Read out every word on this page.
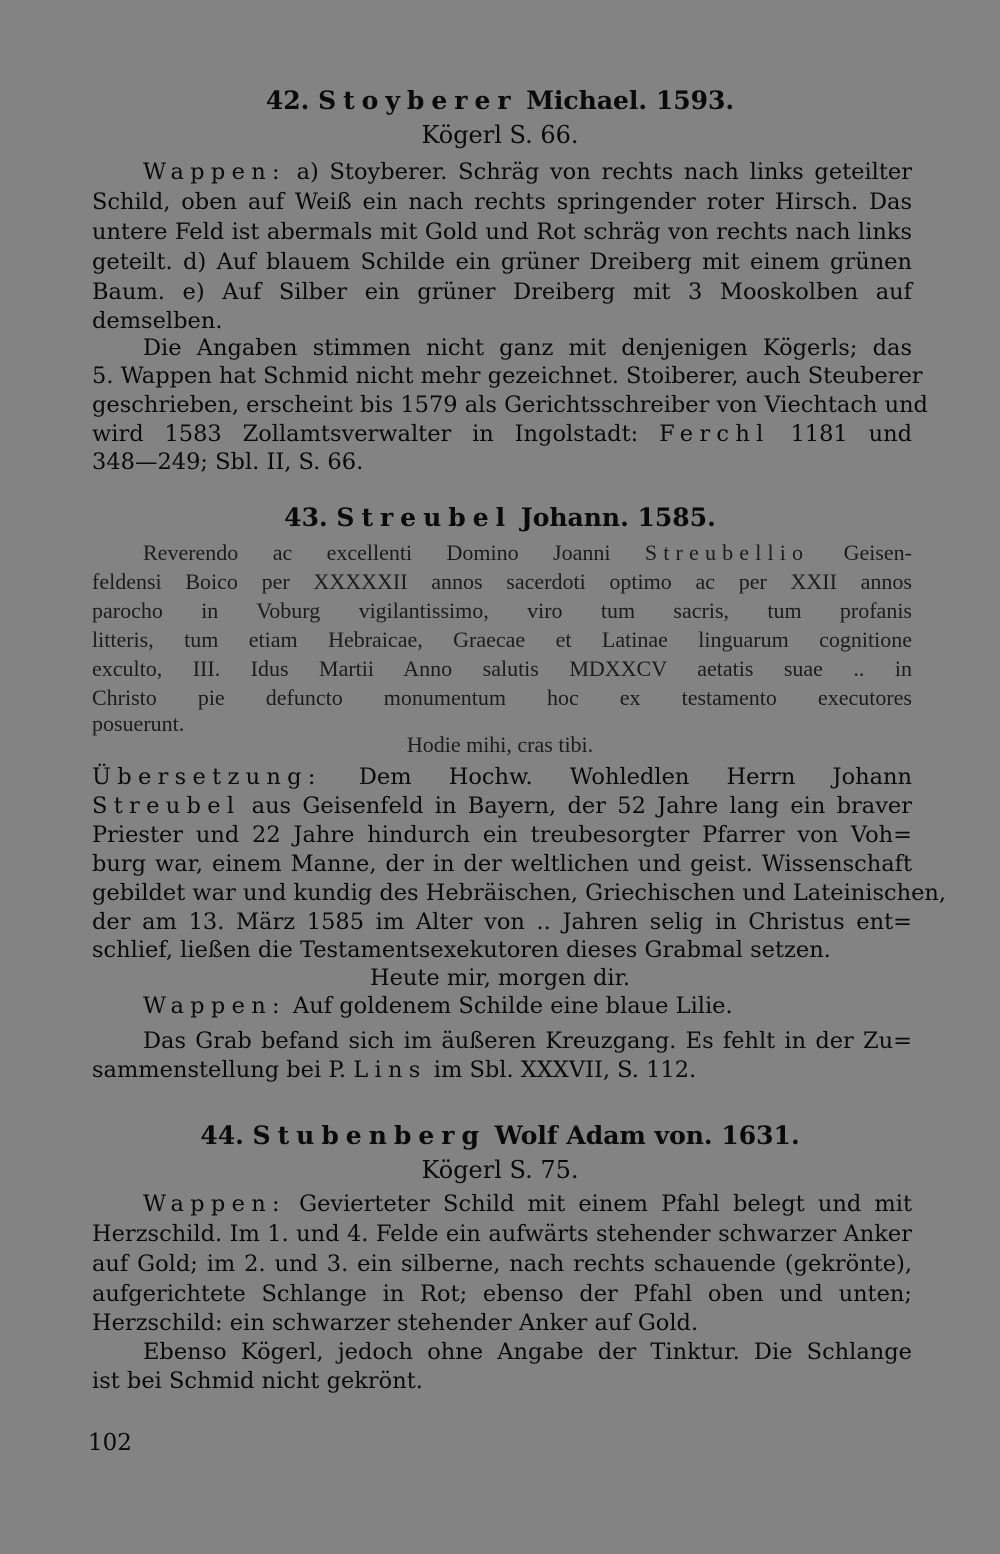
42. Stoyberer Michael. 1593.
Kögerl S. 66.
Wappen: a) Stoyberer. Schräg von rechts nach links geteilter
Schild, oben auf Weiß ein nach rechts springender roter Hirsch. Das
untere Feld ist abermals mit Gold und Rot schräg von rechts nach links
geteilt. d) Auf blauem Schilde ein grüner Dreiberg mit einem grünen
Baum. e) Auf Silber ein grüner Dreiberg mit 3 Mooskolben auf
demselben.
Die Angaben stimmen nicht ganz mit denjenigen Kögerls; das
5. Wappen hat Schmid nicht mehr gezeichnet. Stoiberer, auch Steuberer
geschrieben, erscheint bis 1579 als Gerichtsschreiber von Viechtach und
wird 1583 Zollamtsverwalter in Ingolstadt: Ferchl 1181 und
348—249; Sbl. II, S. 66.
43. Streubel Johann. 1585.
Reverendo ac excellenti Domino Joanni Streubellio Geisen-
feldensi Boico per XXXXXII annos sacerdoti optimo ac per XXII annos
parocho in Voburg vigilantissimo, viro tum sacris, tum profanis
litteris, tum etiam Hebraicae, Graecae et Latinae linguarum cognitione
exculto, III. Idus Martii Anno salutis MDXXCV aetatis suae .. in
Christo pie defuncto monumentum hoc ex testamento executores
posuerunt.
Hodie mihi, cras tibi.
Übersetzung: Dem Hochw. Wohledlen Herrn Johann
Streubel aus Geisenfeld in Bayern, der 52 Jahre lang ein braver
Priester und 22 Jahre hindurch ein treubesorgter Pfarrer von Voh=
burg war, einem Manne, der in der weltlichen und geist. Wissenschaft
gebildet war und kundig des Hebräischen, Griechischen und Lateinischen,
der am 13. März 1585 im Alter von .. Jahren selig in Christus ent=
schlief, ließen die Testamentsexekutoren dieses Grabmal setzen.
Heute mir, morgen dir.
Wappen: Auf goldenem Schilde eine blaue Lilie.
Das Grab befand sich im äußeren Kreuzgang. Es fehlt in der Zu=
sammenstellung bei P. Lins im Sbl. XXXVII, S. 112.
44. Stubenberg Wolf Adam von. 1631.
Kögerl S. 75.
Wappen: Gevierteter Schild mit einem Pfahl belegt und mit
Herzschild. Im 1. und 4. Felde ein aufwärts stehender schwarzer Anker
auf Gold; im 2. und 3. ein silberne, nach rechts schauende (gekrönte),
aufgerichtete Schlange in Rot; ebenso der Pfahl oben und unten;
Herzschild: ein schwarzer stehender Anker auf Gold.
Ebenso Kögerl, jedoch ohne Angabe der Tinktur. Die Schlange
ist bei Schmid nicht gekrönt.
102
